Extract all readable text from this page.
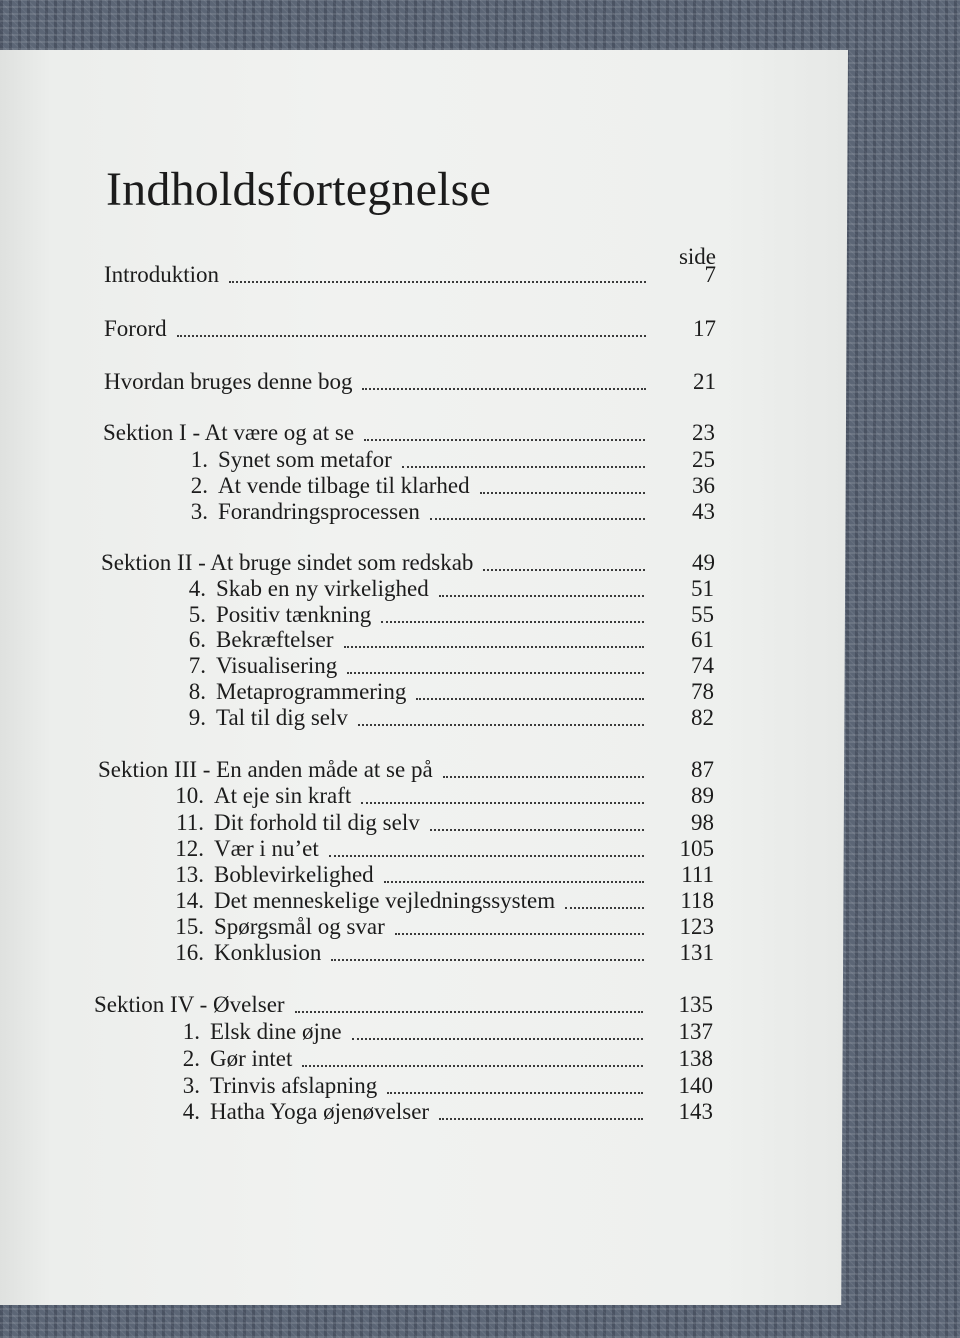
Indholdsfortegnelse
side
Introduktion	7
Forord	17
Hvordan bruges denne bog	21
Sektion I - At være og at se	23
1. Synet som metafor	25
2. At vende tilbage til klarhed	36
3. Forandringsprocessen	43
Sektion II - At bruge sindet som redskab	49
4. Skab en ny virkelighed	51
5. Positiv tænkning	55
6. Bekræftelser	61
7. Visualisering	74
8. Metaprogrammering	78
9. Tal til dig selv	82
Sektion III - En anden måde at se på	87
10. At eje sin kraft	89
11. Dit forhold til dig selv	98
12. Vær i nu’et	105
13. Boblevirkelighed	111
14. Det menneskelige vejledningssystem	118
15. Spørgsmål og svar	123
16. Konklusion	131
Sektion IV - Øvelser	135
1. Elsk dine øjne	137
2. Gør intet	138
3. Trinvis afslapning	140
4. Hatha Yoga øjenøvelser	143
